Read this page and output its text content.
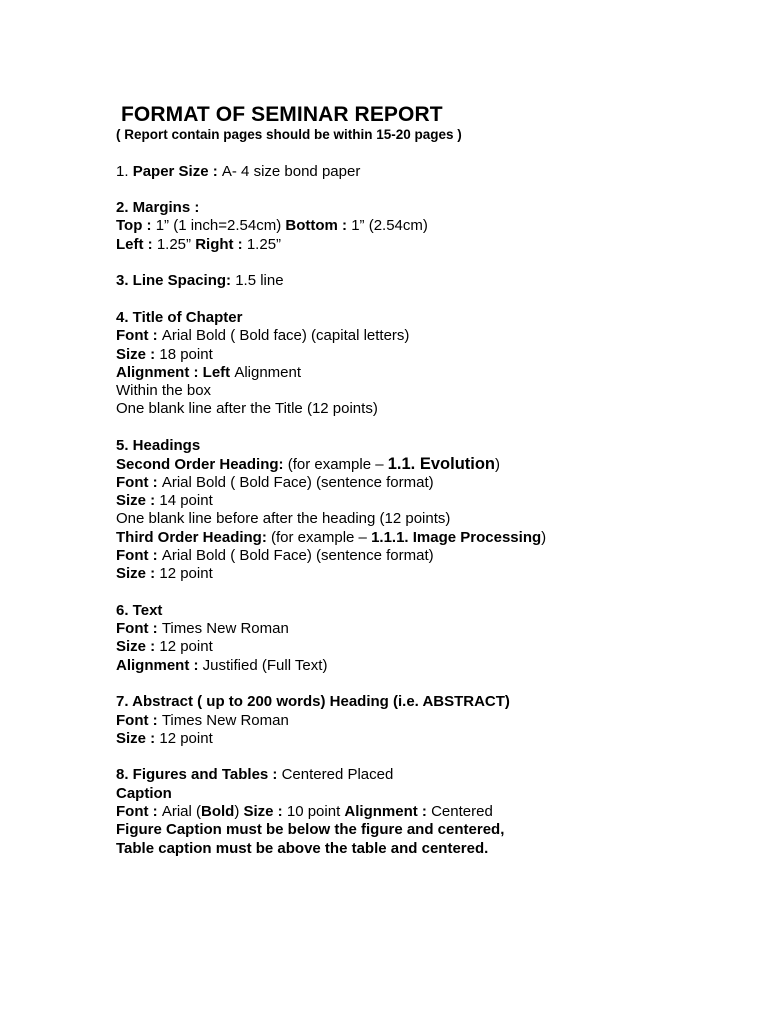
FORMAT OF SEMINAR REPORT
( Report contain pages should be within 15-20 pages )
1. Paper Size : A- 4 size bond paper
2. Margins :
Top : 1” (1 inch=2.54cm) Bottom : 1” (2.54cm)
Left : 1.25” Right : 1.25”
3. Line Spacing: 1.5 line
4. Title of Chapter
Font : Arial Bold ( Bold face) (capital letters)
Size : 18 point
Alignment : Left Alignment
Within the box
One blank line after the Title (12 points)
5. Headings
Second Order Heading: (for example – 1.1. Evolution)
Font : Arial Bold ( Bold Face) (sentence format)
Size : 14 point
One blank line before after the heading (12 points)
Third Order Heading: (for example – 1.1.1. Image Processing)
Font : Arial Bold ( Bold Face) (sentence format)
Size : 12 point
6. Text
Font : Times New Roman
Size : 12 point
Alignment : Justified (Full Text)
7. Abstract ( up to 200 words) Heading (i.e. ABSTRACT)
Font : Times New Roman
Size : 12 point
8. Figures and Tables : Centered Placed
Caption
Font : Arial (Bold) Size : 10 point Alignment : Centered
Figure Caption must be below the figure and centered,
Table caption must be above the table and centered.
